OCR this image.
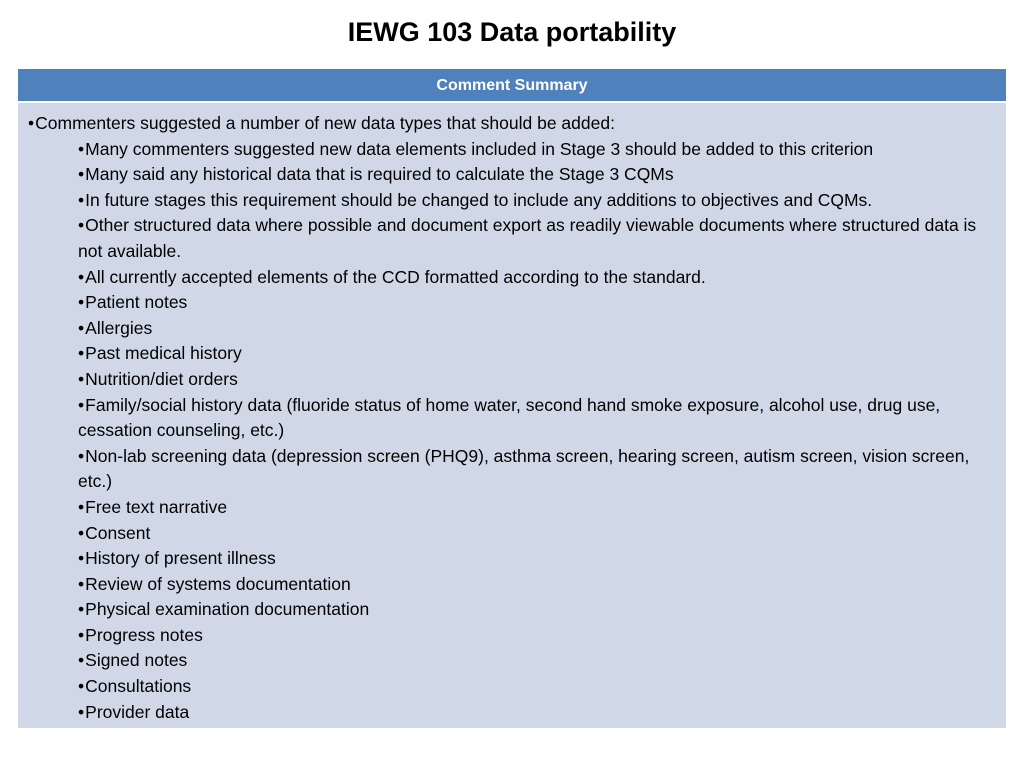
IEWG 103 Data portability
Comment Summary
•Commenters suggested a number of new data types that should be added:
•Many commenters suggested new data elements included in Stage 3 should be added to this criterion
•Many said any historical data that is required to calculate the Stage 3 CQMs
•In future stages this requirement should be changed to include any additions to objectives and CQMs.
•Other structured data where possible and document export as readily viewable documents where structured data is not available.
•All currently accepted elements of the CCD formatted according to the standard.
•Patient notes
•Allergies
•Past medical history
•Nutrition/diet orders
•Family/social history data (fluoride status of home water, second hand smoke exposure, alcohol use, drug use, cessation counseling, etc.)
•Non-lab screening data (depression screen (PHQ9), asthma screen, hearing screen, autism screen, vision screen, etc.)
•Free text narrative
•Consent
•History of present illness
•Review of systems documentation
•Physical examination documentation
•Progress notes
•Signed notes
•Consultations
•Provider data
